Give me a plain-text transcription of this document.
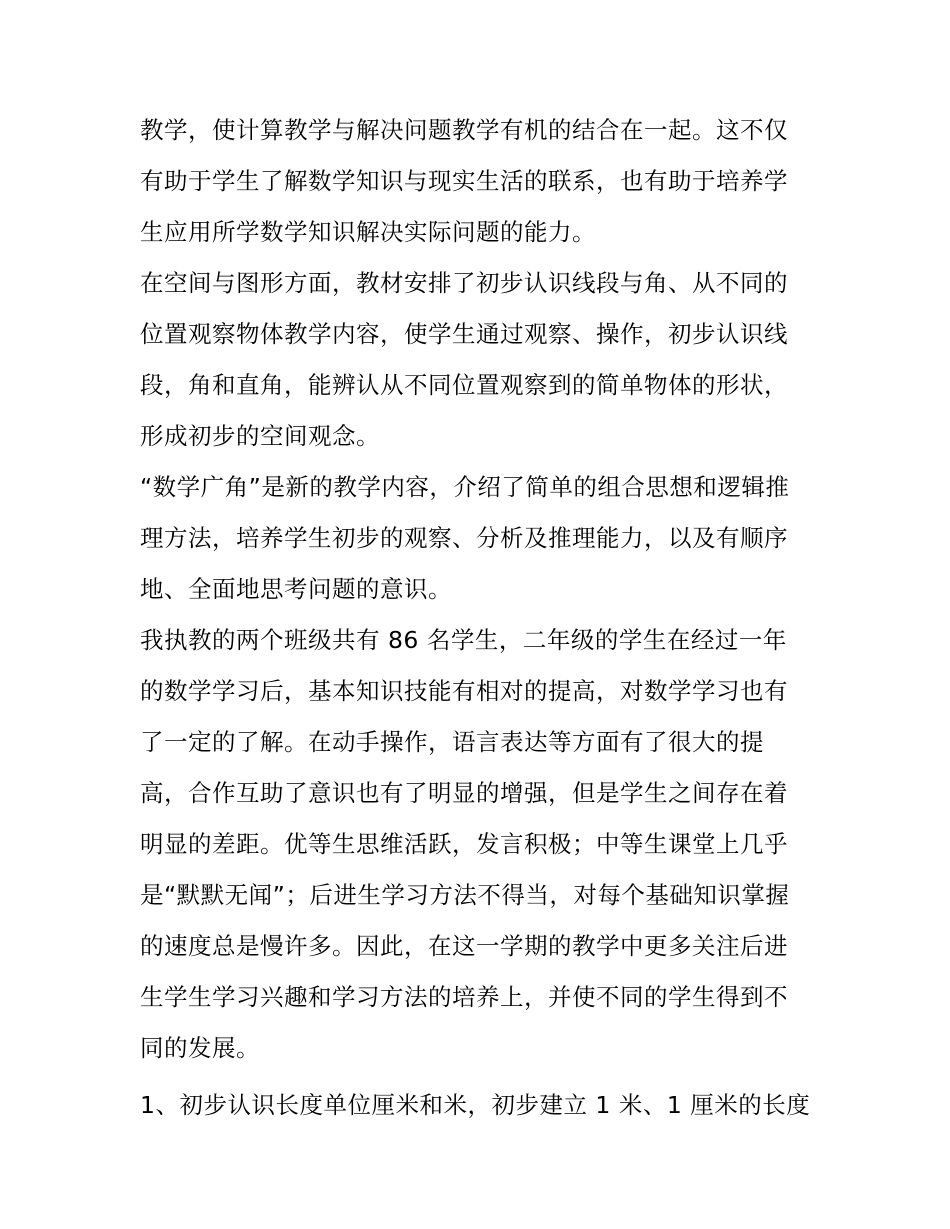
教学，使计算教学与解决问题教学有机的结合在一起。这不仅
有助于学生了解数学知识与现实生活的联系，也有助于培养学
生应用所学数学知识解决实际问题的能力。
在空间与图形方面，教材安排了初步认识线段与角、从不同的
位置观察物体教学内容，使学生通过观察、操作，初步认识线
段，角和直角，能辨认从不同位置观察到的简单物体的形状，
形成初步的空间观念。
“数学广角”是新的教学内容，介绍了简单的组合思想和逻辑推
理方法，培养学生初步的观察、分析及推理能力，以及有顺序
地、全面地思考问题的意识。
我执教的两个班级共有 86 名学生，二年级的学生在经过一年
的数学学习后，基本知识技能有相对的提高，对数学学习也有
了一定的了解。在动手操作，语言表达等方面有了很大的提
高，合作互助了意识也有了明显的增强，但是学生之间存在着
明显的差距。优等生思维活跃，发言积极；中等生课堂上几乎
是“默默无闻”；后进生学习方法不得当，对每个基础知识掌握
的速度总是慢许多。因此，在这一学期的教学中更多关注后进
生学生学习兴趣和学习方法的培养上，并使不同的学生得到不
同的发展。
1、初步认识长度单位厘米和米，初步建立 1 米、1 厘米的长度
